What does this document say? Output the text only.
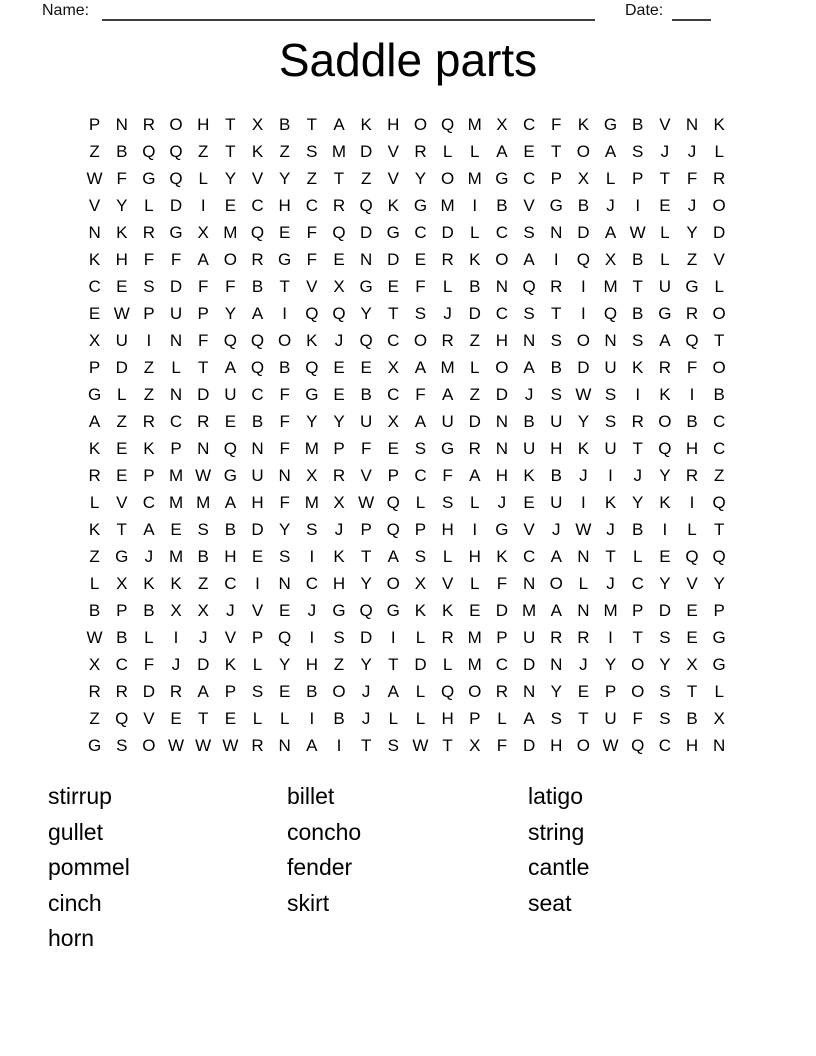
Name:	Date:
Saddle parts
P N R O H T X B T A K H O Q M X C F K G B V N K
Z B Q Q Z T K Z S M D V R L	L A E T O A S	J	J	L
W F G Q L Y V Y Z T Z V Y O M G C P X L P T F R
V Y L D	I	E C H C R Q K G M	I	B V G B	J	I	E	J O
N K R G X M Q E F Q D G C D L C S N D A W L Y D
K H F F A O R G F E N D E R K O A	I	Q X B L	Z V
C E S D F F B T V X G E F	L B N Q R	I	M T U G L
E W P U P Y A	I	Q Q Y T S	J D C S T	I	Q B G R O
X U	I	N F Q Q O K	J Q C O R Z H N S O N S A Q T
P D Z	L	T A Q B Q E E X A M L O A B D U K R F O
G L	Z N D U C F G E B C F A Z D J	S W S	I	K	I	B
A Z R C R E B F Y Y U X A U D N B U Y S R O B C
K E K P N Q N F M P F E S G R N U H K U T Q H C
R E P M W G U N X R V P C F A H K B	J	I	J	Y R Z
L V C M M A H F M X W Q L S L	J	E U	I	K Y K	I	Q
K T A E S B D Y S	J	P Q P H	I	G V	J W J	B	I	L	T
Z G J M B H E S	I	K T A S L H K C A N T	L E Q Q
L X K K Z C	I	N C H Y O X V L	F N O L	J C Y V Y
B P B X X	J	V E	J G Q G K K E D M A N M P D E P
W B L	I	J	V P Q	I	S D	I	L R M P U R R	I	T S E G
X C F	J D K L Y H Z Y T D L M C D N J	Y O Y X G
R R D R A P S E B O J	A L Q O R N Y E P O S T	L
Z Q V E T E L	L	I	B	J	L	L H P L A S T U F S B X
G S O W W W R N A	I	T S W T X F D H O W Q C H N
stirrup
gullet
pommel
cinch
horn
billet
concho
fender
skirt
latigo
string
cantle
seat
